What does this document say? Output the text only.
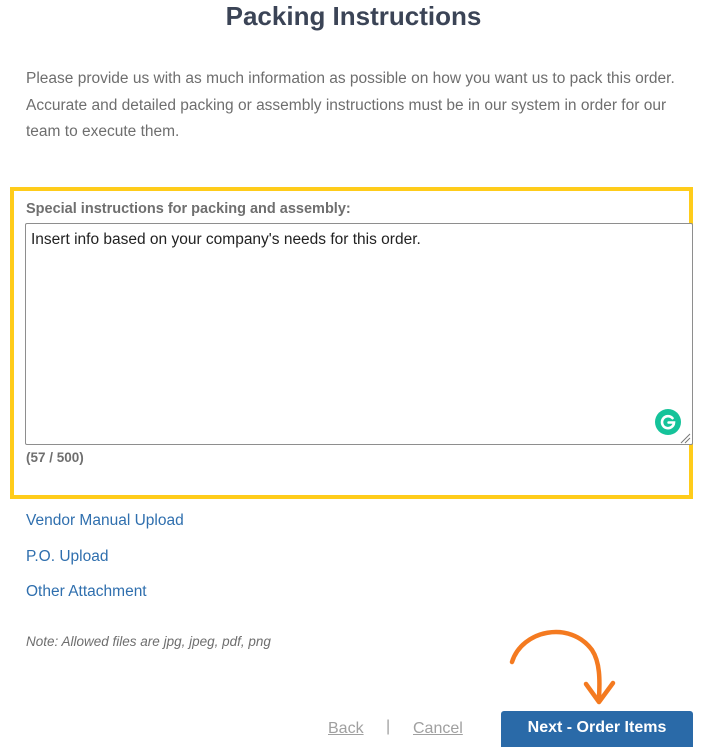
Packing Instructions
Please provide us with as much information as possible on how you want us to pack this order. Accurate and detailed packing or assembly instructions must be in our system in order for our team to execute them.
Special instructions for packing and assembly:
Insert info based on your company's needs for this order.
(57 / 500)
Vendor Manual Upload
P.O. Upload
Other Attachment
Note: Allowed files are jpg, jpeg, pdf, png
Back | Cancel	Next - Order Items
